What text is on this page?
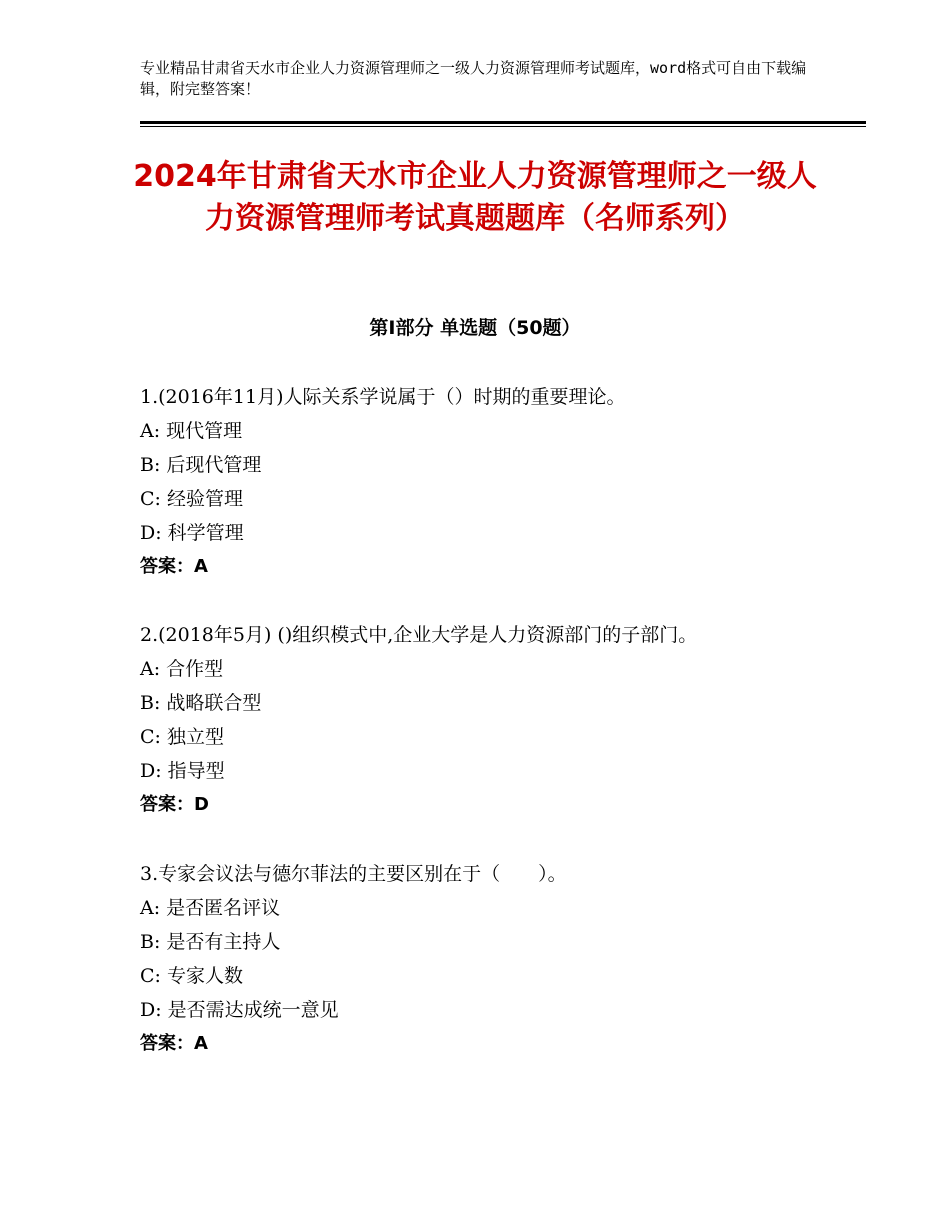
专业精品甘肃省天水市企业人力资源管理师之一级人力资源管理师考试题库，word格式可自由下载编辑，附完整答案！
2024年甘肃省天水市企业人力资源管理师之一级人力资源管理师考试真题题库（名师系列）
第Ⅰ部分 单选题（50题）
1.(2016年11月)人际关系学说属于（）时期的重要理论。
A: 现代管理
B: 后现代管理
C: 经验管理
D: 科学管理
答案：A
2.(2018年5月) ()组织模式中,企业大学是人力资源部门的子部门。
A: 合作型
B: 战略联合型
C: 独立型
D: 指导型
答案：D
3.专家会议法与德尔菲法的主要区别在于（　　）。
A: 是否匿名评议
B: 是否有主持人
C: 专家人数
D: 是否需达成统一意见
答案：A
